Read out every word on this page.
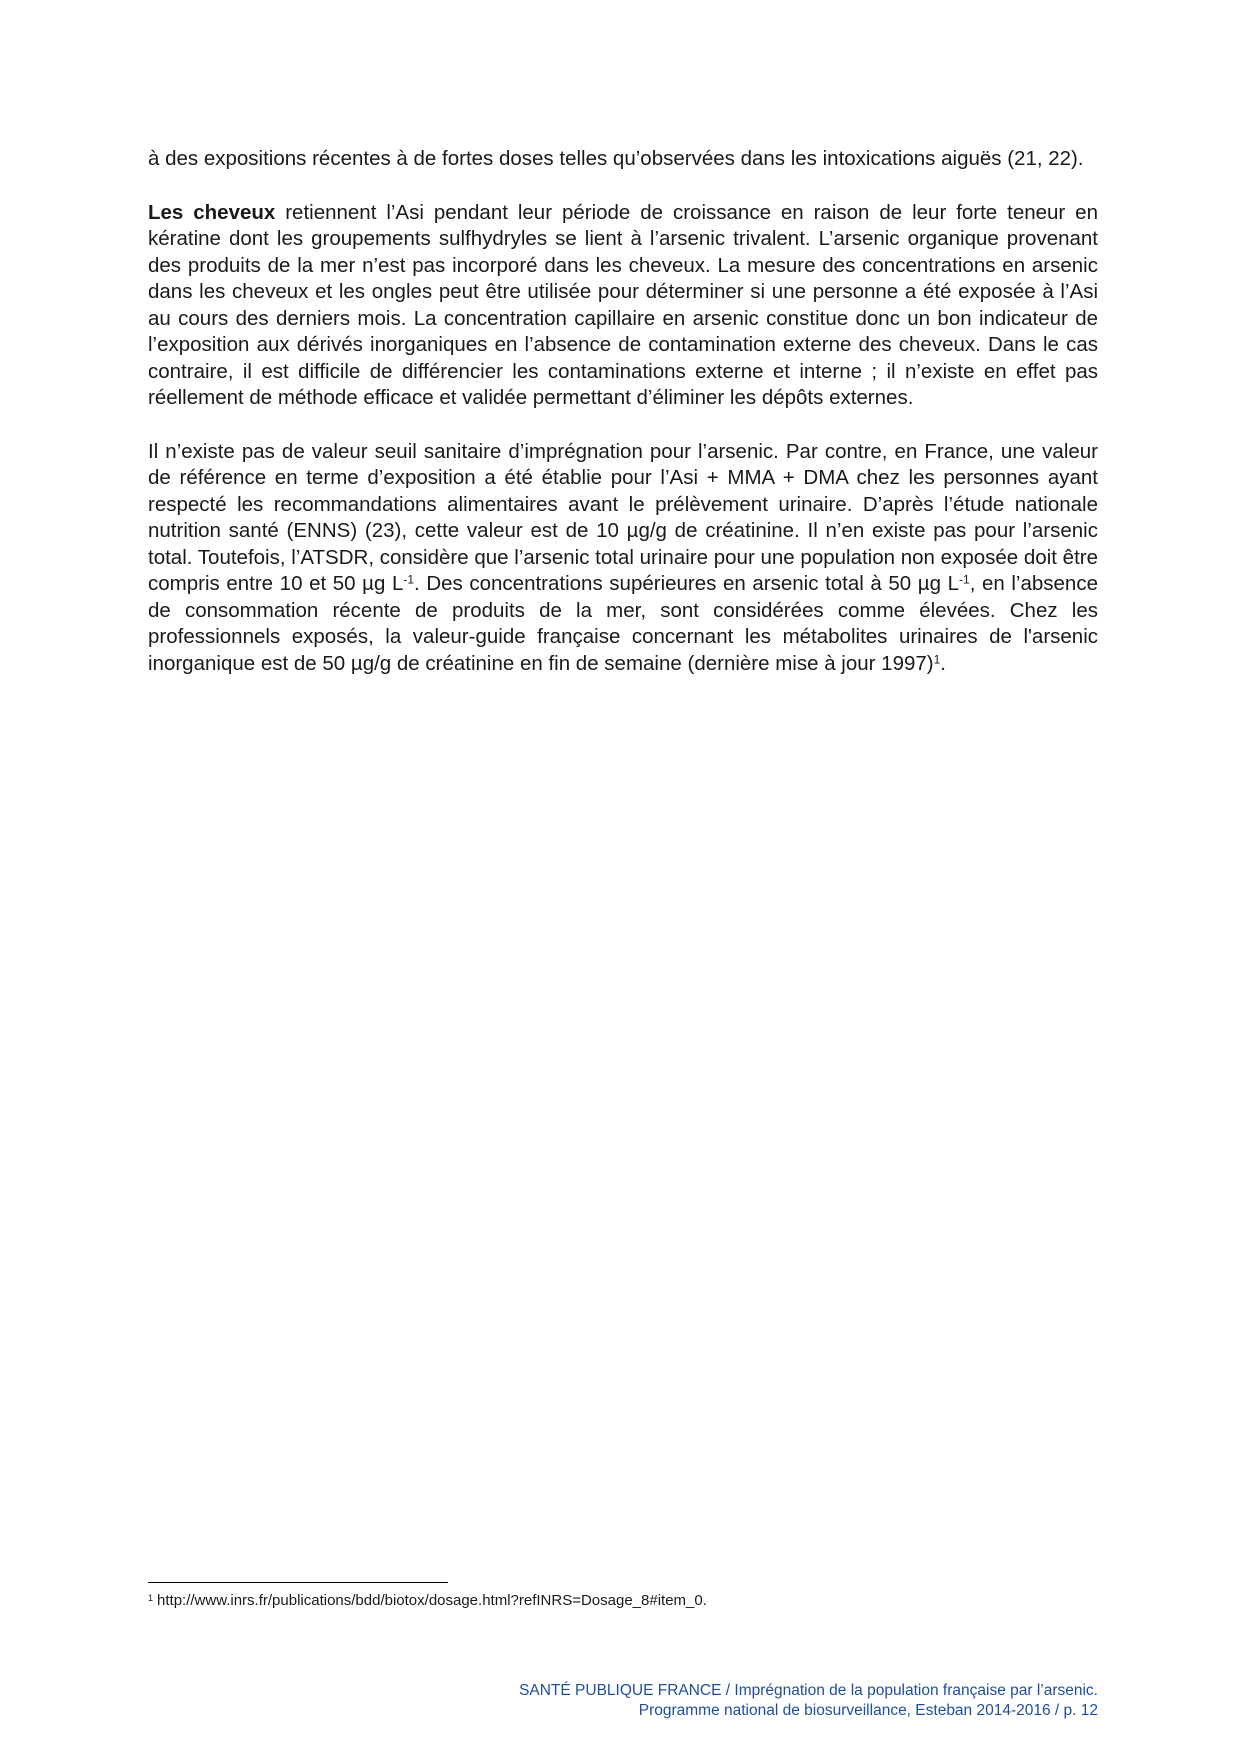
à des expositions récentes à de fortes doses telles qu’observées dans les intoxications aiguës (21, 22).

Les cheveux retiennent l’Asi pendant leur période de croissance en raison de leur forte teneur en kératine dont les groupements sulfhydryles se lient à l’arsenic trivalent. L’arsenic organique provenant des produits de la mer n’est pas incorporé dans les cheveux. La mesure des concentrations en arsenic dans les cheveux et les ongles peut être utilisée pour déterminer si une personne a été exposée à l’Asi au cours des derniers mois. La concentration capillaire en arsenic constitue donc un bon indicateur de l’exposition aux dérivés inorganiques en l’absence de contamination externe des cheveux. Dans le cas contraire, il est difficile de différencier les contaminations externe et interne ; il n’existe en effet pas réellement de méthode efficace et validée permettant d’éliminer les dépôts externes.

Il n’existe pas de valeur seuil sanitaire d’imprégnation pour l’arsenic. Par contre, en France, une valeur de référence en terme d’exposition a été établie pour l’Asi + MMA + DMA chez les personnes ayant respecté les recommandations alimentaires avant le prélèvement urinaire. D’après l’étude nationale nutrition santé (ENNS) (23), cette valeur est de 10 µg/g de créatinine. Il n’en existe pas pour l’arsenic total. Toutefois, l’ATSDR, considère que l’arsenic total urinaire pour une population non exposée doit être compris entre 10 et 50 µg $L^{-1}$. Des concentrations supérieures en arsenic total à 50 µg $L^{-1}$, en l’absence de consommation récente de produits de la mer, sont considérées comme élevées. Chez les professionnels exposés, la valeur-guide française concernant les métabolites urinaires de l'arsenic inorganique est de 50 µg/g de créatinine en fin de semaine (dernière mise à jour 1997)$^1$.

$^1$ http://www.inrs.fr/publications/bdd/biotox/dosage.html?refINRS=Dosage_8#item_0.
SANTÉ PUBLIQUE FRANCE / Imprégnation de la population française par l’arsenic.
Programme national de biosurveillance, Esteban 2014-2016 / p. 12
